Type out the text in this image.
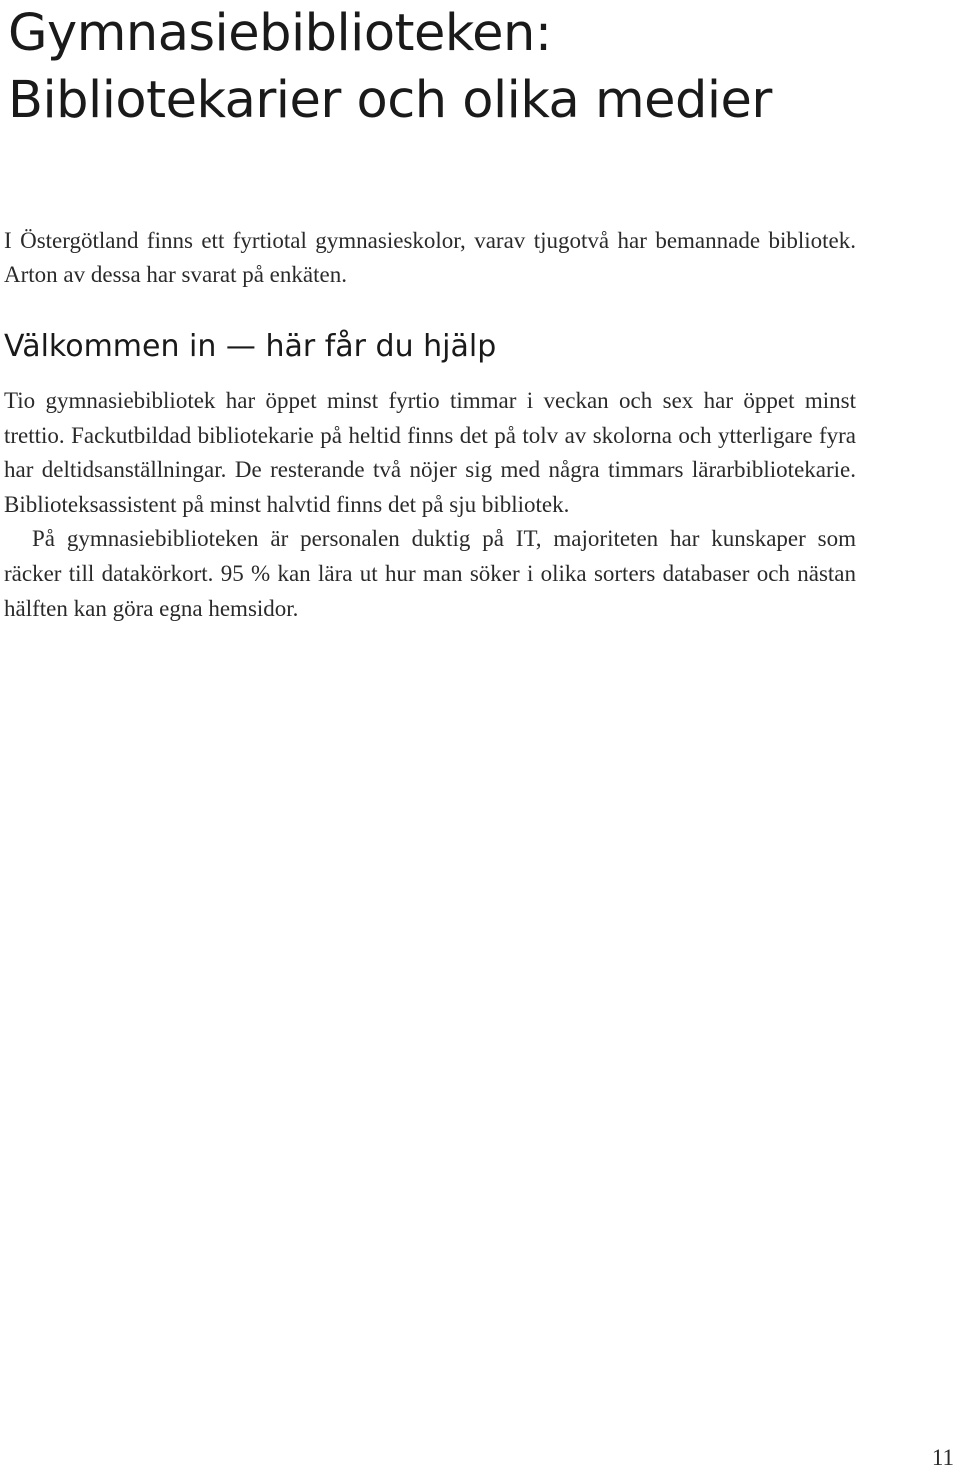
Gymnasiebiblioteken:
Bibliotekarier och olika medier

I Östergötland finns ett fyrtiotal gymnasieskolor, varav tjugotvå har bemannade bibliotek. Arton av dessa har svarat på enkäten.

Välkommen in — här får du hjälp

Tio gymnasiebibliotek har öppet minst fyrtio timmar i veckan och sex har öppet minst trettio. Fackutbildad bibliotekarie på heltid finns det på tolv av skolorna och ytterligare fyra har deltidsanställningar. De resterande två nöjer sig med några timmars lärarbibliotekarie. Biblioteksassistent på minst halvtid finns det på sju bibliotek.

På gymnasiebiblioteken är personalen duktig på IT, majoriteten har kunskaper som räcker till datakörkort. 95 % kan lära ut hur man söker i olika sorters databaser och nästan hälften kan göra egna hemsidor.

11
